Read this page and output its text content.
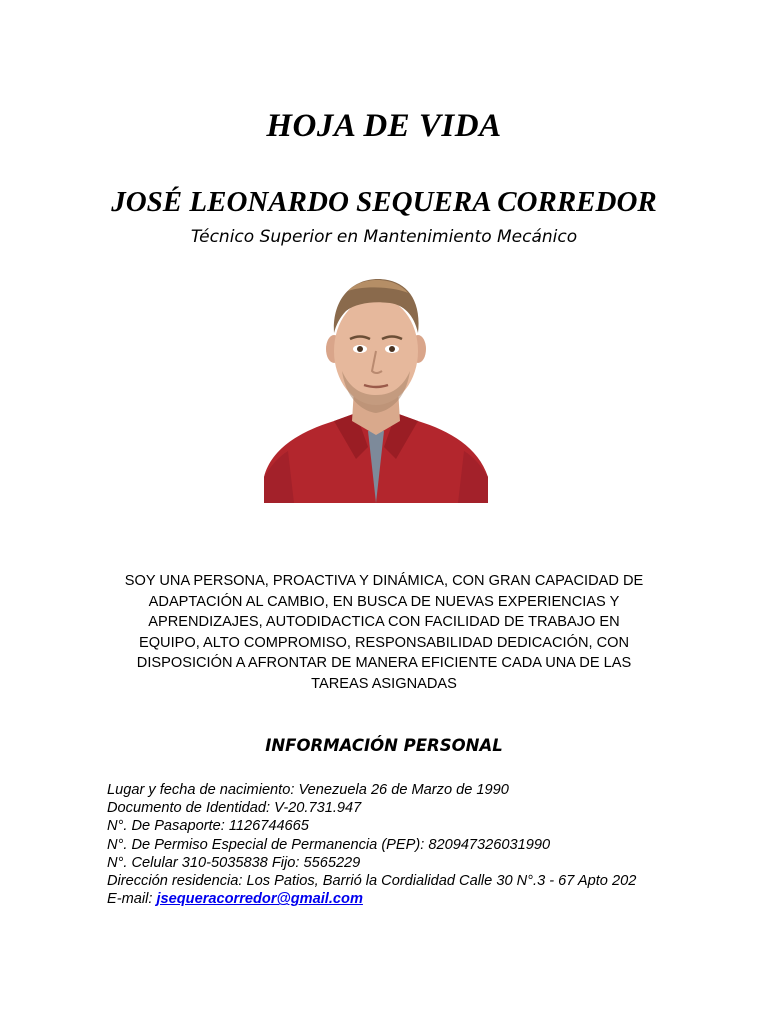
HOJA DE VIDA
JOSÉ LEONARDO SEQUERA CORREDOR

Técnico Superior en Mantenimiento Mecánico

SOY UNA PERSONA, PROACTIVA Y DINÁMICA, CON GRAN CAPACIDAD DE
ADAPTACIÓN AL CAMBIO, EN BUSCA DE NUEVAS EXPERIENCIAS Y
APRENDIZAJES, AUTODIDACTICA CON FACILIDAD DE TRABAJO EN
EQUIPO, ALTO COMPROMISO, RESPONSABILIDAD DEDICACIÓN, CON
DISPOSICIÓN A AFRONTAR DE MANERA EFICIENTE CADA UNA DE LAS
TAREAS ASIGNADAS
INFORMACIÓN PERSONAL
Lugar y fecha de nacimiento: Venezuela 26 de Marzo de 1990
Documento de Identidad: V-20.731.947
N°. De Pasaporte: 1126744665
N°. De Permiso Especial de Permanencia (PEP): 820947326031990
N°. Celular 310-5035838 Fijo: 5565229
Dirección residencia: Los Patios, Barrió la Cordialidad Calle 30 N°.3 - 67 Apto 202
E-mail: jsequeracorredor@gmail.com
